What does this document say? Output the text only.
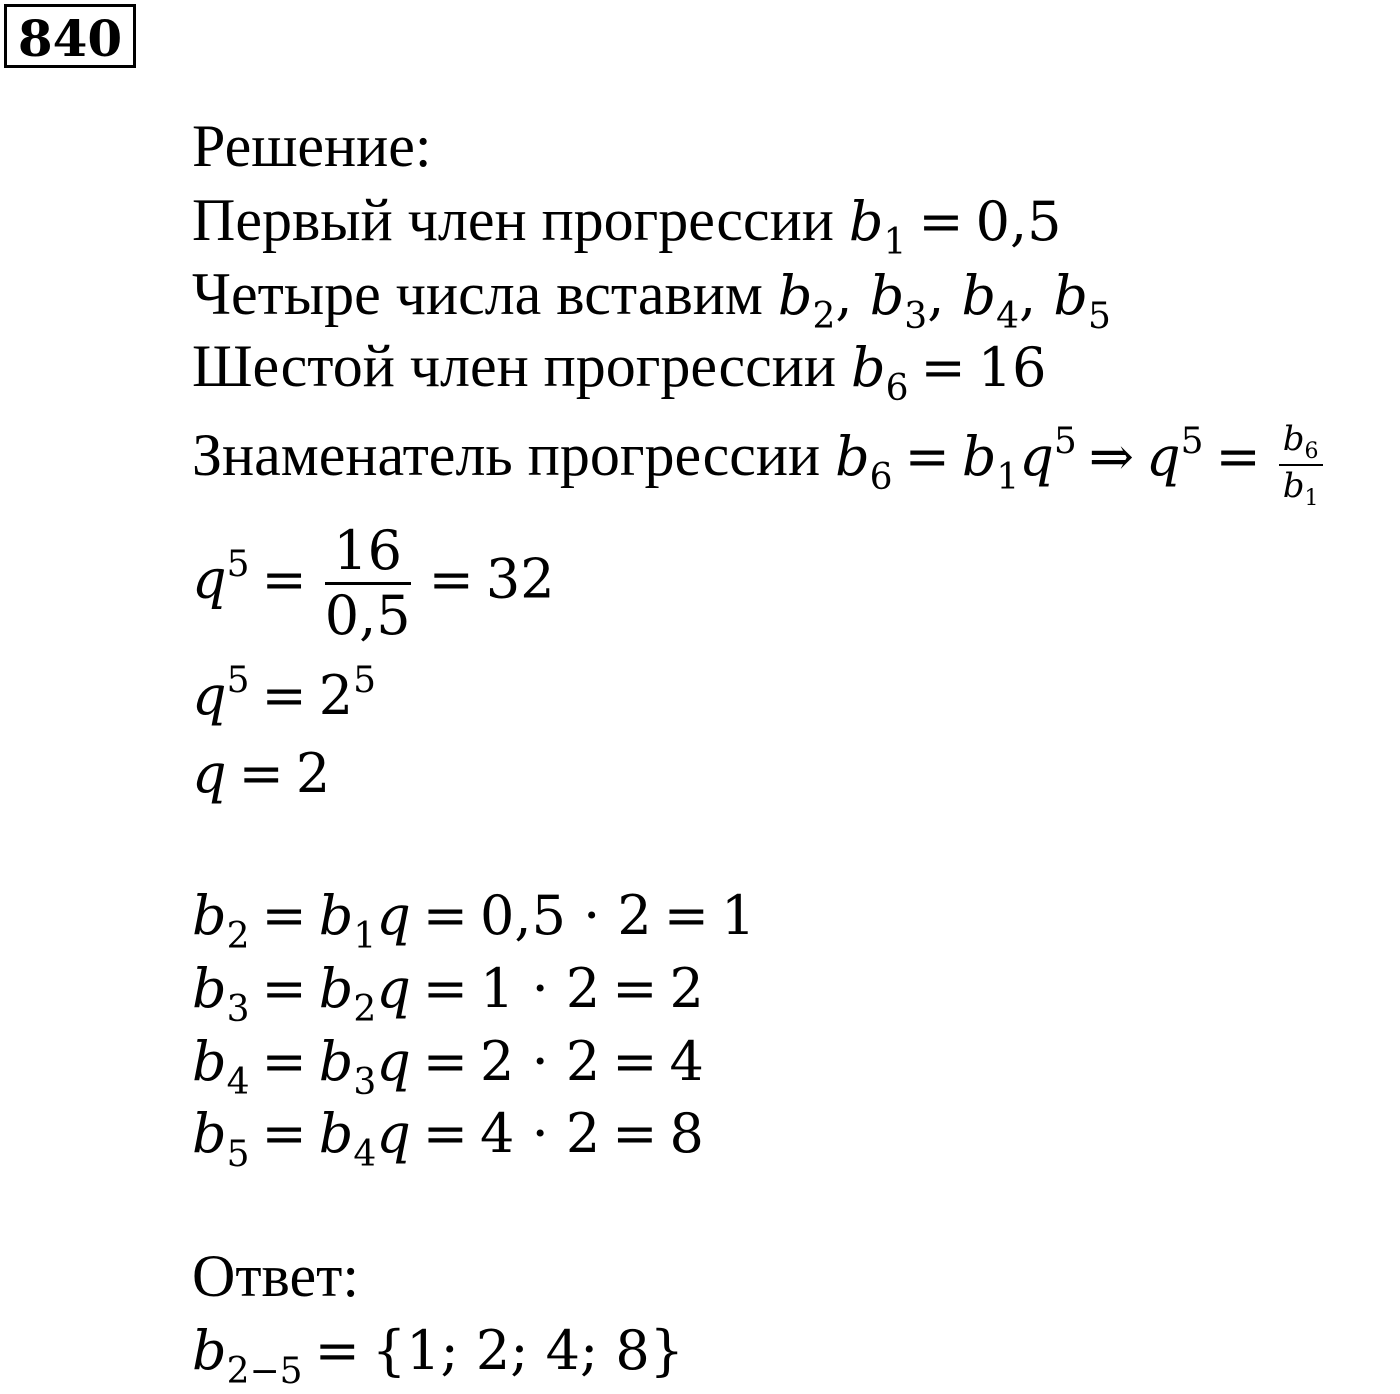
840
Решение:
Первый член прогрессии $b_1 = 0,5$
Четыре числа вставим $b_2$, $b_3$, $b_4$, $b_5$
Шестой член прогрессии $b_6 = 16$
Знаменатель прогрессии $b_6 = b_1q^5$ ⇒ $q^5 = \frac{b_6}{b_1}$
$q^5 = \frac{16}{0,5} = 32$
$q^5 = 2^5$
q = 2
$b_2 = b_1q = 0,5 \cdot 2 = 1$
$b_3 = b_2q = 1 \cdot 2 = 2$
$b_4 = b_3q = 2 \cdot 2 = 4$
$b_5 = b_4q = 4 \cdot 2 = 8$
Ответ:
$b_{2-5} = \{1$; 2; 4; 8}
